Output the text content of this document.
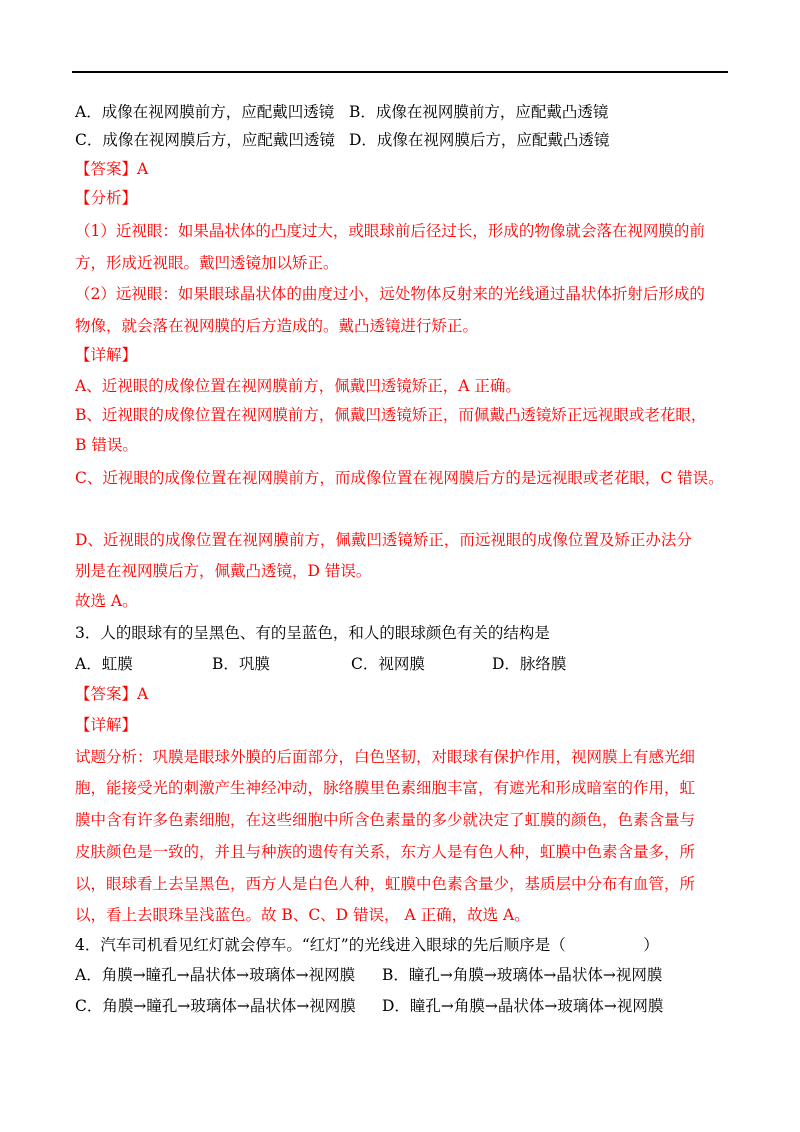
A．成像在视网膜前方，应配戴凹透镜 B．成像在视网膜前方，应配戴凸透镜
C．成像在视网膜后方，应配戴凹透镜 D．成像在视网膜后方，应配戴凸透镜
【答案】A
【分析】
（1）近视眼：如果晶状体的凸度过大，或眼球前后径过长，形成的物像就会落在视网膜的前
方，形成近视眼。戴凹透镜加以矫正。
（2）远视眼：如果眼球晶状体的曲度过小，远处物体反射来的光线通过晶状体折射后形成的
物像，就会落在视网膜的后方造成的。戴凸透镜进行矫正。
【详解】
A、近视眼的成像位置在视网膜前方，佩戴凹透镜矫正，A 正确。
B、近视眼的成像位置在视网膜前方，佩戴凹透镜矫正，而佩戴凸透镜矫正远视眼或老花眼，
B 错误。
C、近视眼的成像位置在视网膜前方，而成像位置在视网膜后方的是远视眼或老花眼，C 错误。
D、近视眼的成像位置在视网膜前方，佩戴凹透镜矫正，而远视眼的成像位置及矫正办法分
别是在视网膜后方，佩戴凸透镜，D 错误。
故选 A。
3．人的眼球有的呈黑色、有的呈蓝色，和人的眼球颜色有关的结构是
A．虹膜	B．巩膜	C．视网膜	D．脉络膜
【答案】A
【详解】
试题分析：巩膜是眼球外膜的后面部分，白色坚韧，对眼球有保护作用，视网膜上有感光细
胞，能接受光的刺激产生神经冲动，脉络膜里色素细胞丰富，有遮光和形成暗室的作用，虹
膜中含有许多色素细胞，在这些细胞中所含色素量的多少就决定了虹膜的颜色，色素含量与
皮肤颜色是一致的，并且与种族的遗传有关系，东方人是有色人种，虹膜中色素含量多，所
以，眼球看上去呈黑色，西方人是白色人种，虹膜中色素含量少，基质层中分布有血管，所
以，看上去眼珠呈浅蓝色。故 B、C、D 错误， A 正确，故选 A。
4．汽车司机看见红灯就会停车。“红灯”的光线进入眼球的先后顺序是（　　　　　）
A．角膜→瞳孔→晶状体→玻璃体→视网膜 B．瞳孔→角膜→玻璃体→晶状体→视网膜
C．角膜→瞳孔→玻璃体→晶状体→视网膜 D．瞳孔→角膜→晶状体→玻璃体→视网膜
